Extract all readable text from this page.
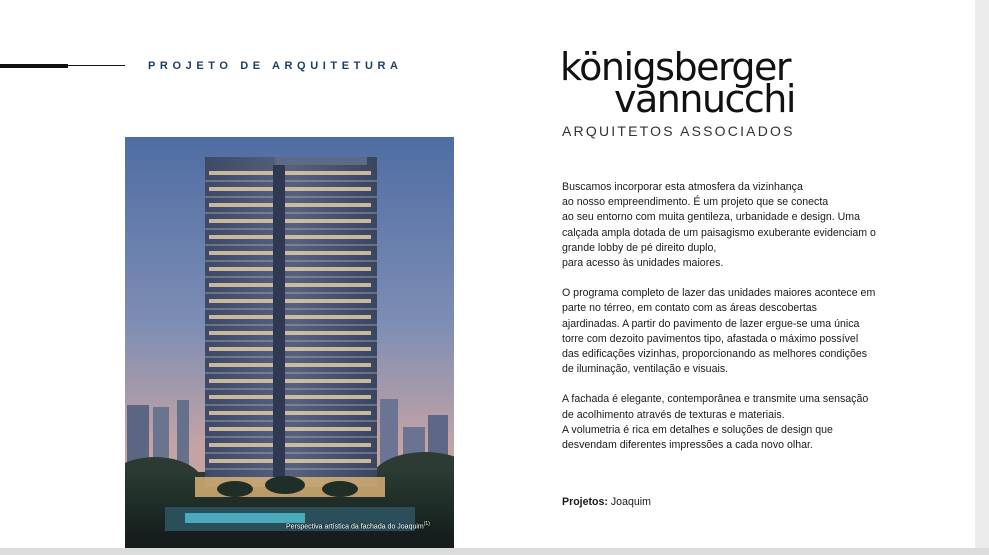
PROJETO DE ARQUITETURA	königsberger
vannucchi
ARQUITETOS ASSOCIADOS
Perspectiva artística da fachada do Joaquim$^{(1)}$

Buscamos incorporar esta atmosfera da vizinhança
ao nosso empreendimento. É um projeto que se conecta
ao seu entorno com muita gentileza, urbanidade e design. Uma
calçada ampla dotada de um paisagismo exuberante evidenciam o
grande lobby de pé direito duplo,
para acesso às unidades maiores.

O programa completo de lazer das unidades maiores acontece em
parte no térreo, em contato com as áreas descobertas
ajardinadas. A partir do pavimento de lazer ergue-se uma única
torre com dezoito pavimentos tipo, afastada o máximo possível
das edificações vizinhas, proporcionando as melhores condições
de iluminação, ventilação e visuais.

A fachada é elegante, contemporânea e transmite uma sensação
de acolhimento através de texturas e materiais.
A volumetria é rica em detalhes e soluções de design que
desvendam diferentes impressões a cada novo olhar.

Projetos: Joaquim
